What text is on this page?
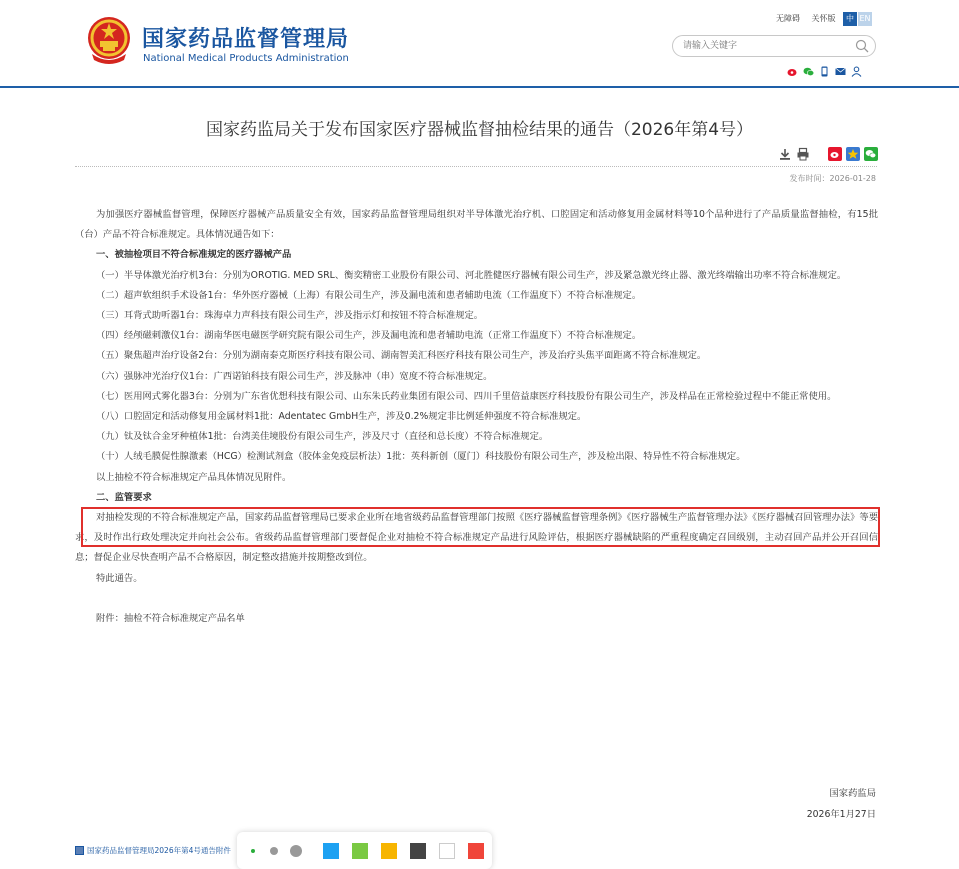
国家药品监督管理局
National Medical Products Administration
无障碍 关怀版	中 EN
请输入关键字
国家药监局关于发布国家医疗器械监督抽检结果的通告（2026年第4号）
发布时间：2026-01-28

为加强医疗器械监督管理，保障医疗器械产品质量安全有效，国家药品监督管理局组织对半导体激光治疗机、口腔固定和活动修复用金属材料等10个品种进行了产品质量监督抽检，有15批（台）产品不符合标准规定。具体情况通告如下：

一、被抽检项目不符合标准规定的医疗器械产品

（一）半导体激光治疗机3台：分别为OROTIG. MED SRL、衡奕精密工业股份有限公司、河北胜健医疗器械有限公司生产，涉及紧急激光终止器、激光终端输出功率不符合标准规定。

（二）超声软组织手术设备1台：华外医疗器械（上海）有限公司生产，涉及漏电流和患者辅助电流（工作温度下）不符合标准规定。

（三）耳背式助听器1台：珠海卓力声科技有限公司生产，涉及指示灯和按钮不符合标准规定。

（四）经颅磁刺激仪1台：湖南华医电磁医学研究院有限公司生产，涉及漏电流和患者辅助电流（正常工作温度下）不符合标准规定。

（五）聚焦超声治疗设备2台：分别为湖南泰克斯医疗科技有限公司、湖南智美汇科医疗科技有限公司生产，涉及治疗头焦平面距离不符合标准规定。

（六）强脉冲光治疗仪1台：广西诺铂科技有限公司生产，涉及脉冲（串）宽度不符合标准规定。

（七）医用网式雾化器3台：分别为广东省优想科技有限公司、山东朱氏药业集团有限公司、四川千里倍益康医疗科技股份有限公司生产，涉及样品在正常检验过程中不能正常使用。

（八）口腔固定和活动修复用金属材料1批：Adentatec GmbH生产，涉及0.2%规定非比例延伸强度不符合标准规定。

（九）钛及钛合金牙种植体1批：台湾美佳境股份有限公司生产，涉及尺寸（直径和总长度）不符合标准规定。

（十）人绒毛膜促性腺激素（HCG）检测试剂盒（胶体金免疫层析法）1批：英科新创（厦门）科技股份有限公司生产，涉及检出限、特异性不符合标准规定。

以上抽检不符合标准规定产品具体情况见附件。

二、监管要求

对抽检发现的不符合标准规定产品，国家药品监督管理局已要求企业所在地省级药品监督管理部门按照《医疗器械监督管理条例》《医疗器械生产监督管理办法》《医疗器械召回管理办法》等要求，及时作出行政处理决定并向社会公布。省级药品监督管理部门要督促企业对抽检不符合标准规定产品进行风险评估，根据医疗器械缺陷的严重程度确定召回级别，主动召回产品并公开召回信息；督促企业尽快查明产品不合格原因，制定整改措施并按期整改到位。

特此通告。

附件：抽检不符合标准规定产品名单

国家药监局
2026年1月27日
国家药品监督管理局2026年第4号通告附件
